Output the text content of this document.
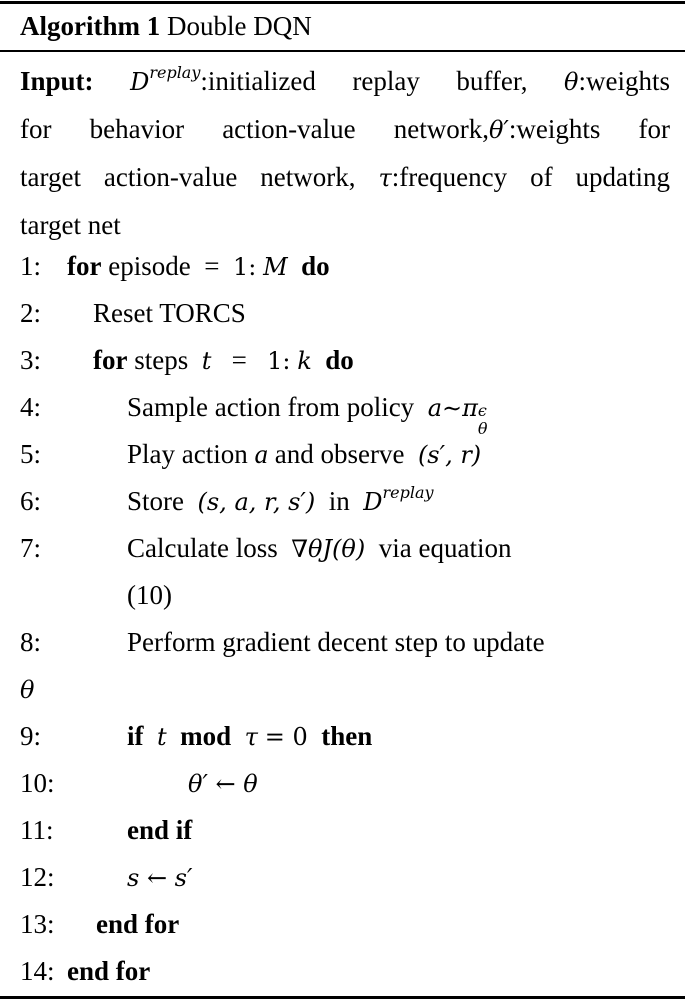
Algorithm 1 Double DQN
Input: $D^{replay}:initialized$ replay buffer, θ:weights
for behavior action-value network,θ′:weights for
target action-value network, τ:frequency of updating
target net
1: for episode = 1: M do
2: Reset TORCS
3: for steps t = 1: k do
4:	Sample action from policy a∼π ϵ
θ
5:	Play action a and observe (s′, r)
6:	Store (s, a, r, s′) in $D^{replay}$
7:	Calculate loss ∇θJ(θ) via equation
(10)
8:	Perform gradient decent step to update
θ
9:	if t mod τ = 0 then
10:	θ′ ← θ
11:	end if
12:	s ← s′
13: end for
14: end for
